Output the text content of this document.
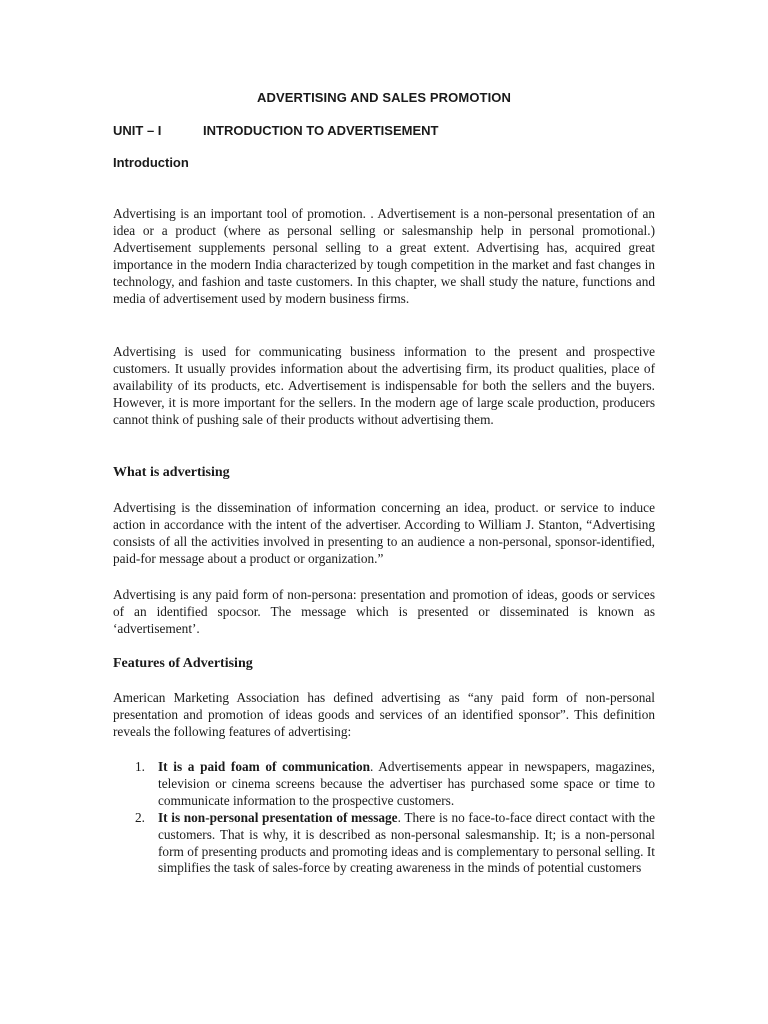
ADVERTISING AND SALES PROMOTION
UNIT – I	INTRODUCTION TO ADVERTISEMENT
Introduction

Advertising is an important tool of promotion. . Advertisement is a non-personal presentation of an idea or a product (where as personal selling or salesmanship help in personal promotional.) Advertisement supplements personal selling to a great extent. Advertising has, acquired great importance in the modern India characterized by tough competition in the market and fast changes in technology, and fashion and taste customers. In this chapter, we shall study the nature, functions and media of advertisement used by modern business firms.

Advertising is used for communicating business information to the present and prospective customers. It usually provides information about the advertising firm, its product qualities, place of availability of its products, etc. Advertisement is indispensable for both the sellers and the buyers. However, it is more important for the sellers. In the modern age of large scale production, producers cannot think of pushing sale of their products without advertising them.

What is advertising

Advertising is the dissemination of information concerning an idea, product. or service to induce action in accordance with the intent of the advertiser. According to William J. Stanton, “Advertising consists of all the activities involved in presenting to an audience a non-personal, sponsor-identified, paid-for message about a product or organization.”

Advertising is any paid form of non-persona: presentation and promotion of ideas, goods or services of an identified spocsor. The message which is presented or disseminated is known as ‘advertisement’.

Features of Advertising

American Marketing Association has defined advertising as “any paid form of non-personal presentation and promotion of ideas goods and services of an identified sponsor”. This definition reveals the following features of advertising:

1. It is a paid foam of communication. Advertisements appear in newspapers, magazines, television or cinema screens because the advertiser has purchased some space or time to communicate information to the prospective customers.
2. It is non-personal presentation of message. There is no face-to-face direct contact with the customers. That is why, it is described as non-personal salesmanship. It; is a non-personal form of presenting products and promoting ideas and is complementary to personal selling. It simplifies the task of sales-force by creating awareness in the minds of potential customers
